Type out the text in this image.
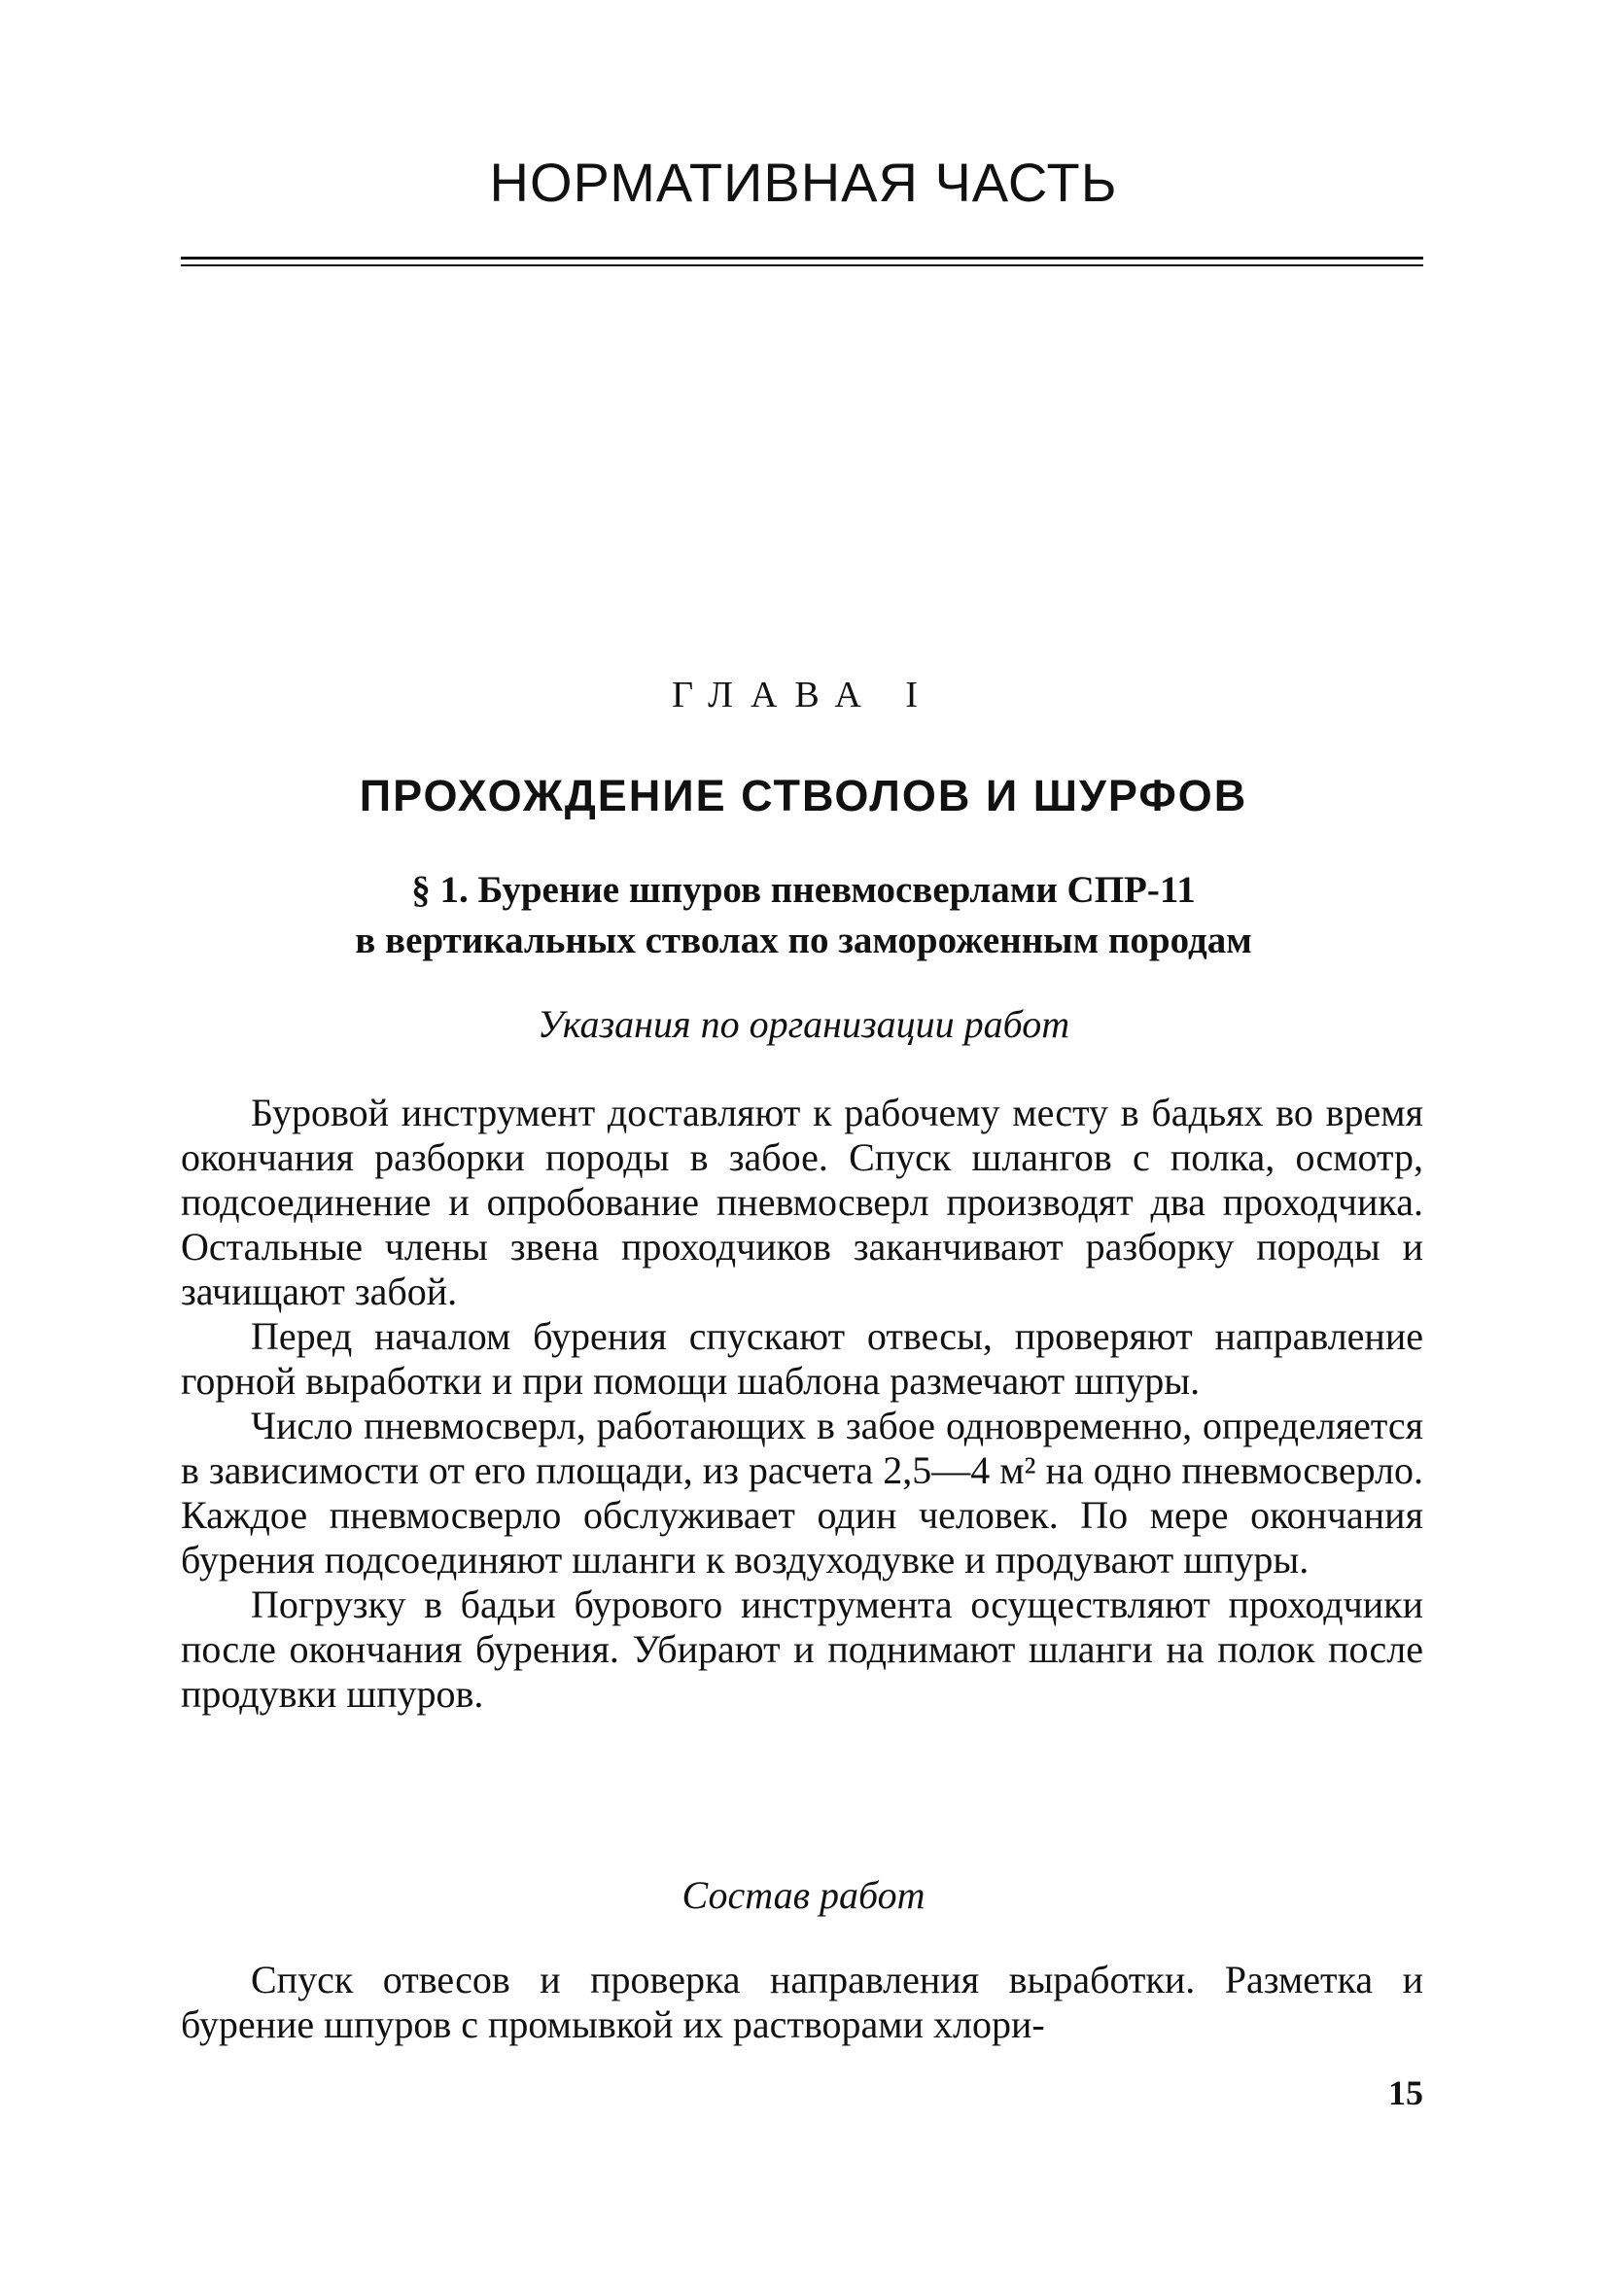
НОРМАТИВНАЯ ЧАСТЬ
ГЛАВА I
ПРОХОЖДЕНИЕ СТВОЛОВ И ШУРФОВ
§ 1. Бурение шпуров пневмосверлами СПР-11
в вертикальных стволах по замороженным породам
Указания по организации работ

Буровой инструмент доставляют к рабочему месту в бадьях во время окончания разборки породы в забое. Спуск шлангов с полка, осмотр, подсоединение и опробование пневмосверл производят два проходчика. Остальные члены звена проходчиков заканчивают разборку породы и зачищают забой.

Перед началом бурения спускают отвесы, проверяют направление горной выработки и при помощи шаблона размечают шпуры.

Число пневмосверл, работающих в забое одновременно, определяется в зависимости от его площади, из расчета 2,5—4 м² на одно пневмосверло. Каждое пневмосверло обслуживает один человек. По мере окончания бурения подсоединяют шланги к воздуходувке и продувают шпуры.

Погрузку в бадьи бурового инструмента осуществляют проходчики после окончания бурения. Убирают и поднимают шланги на полок после продувки шпуров.

Состав работ

Спуск отвесов и проверка направления выработки. Разметка и бурение шпуров с промывкой их растворами хлори-

15
